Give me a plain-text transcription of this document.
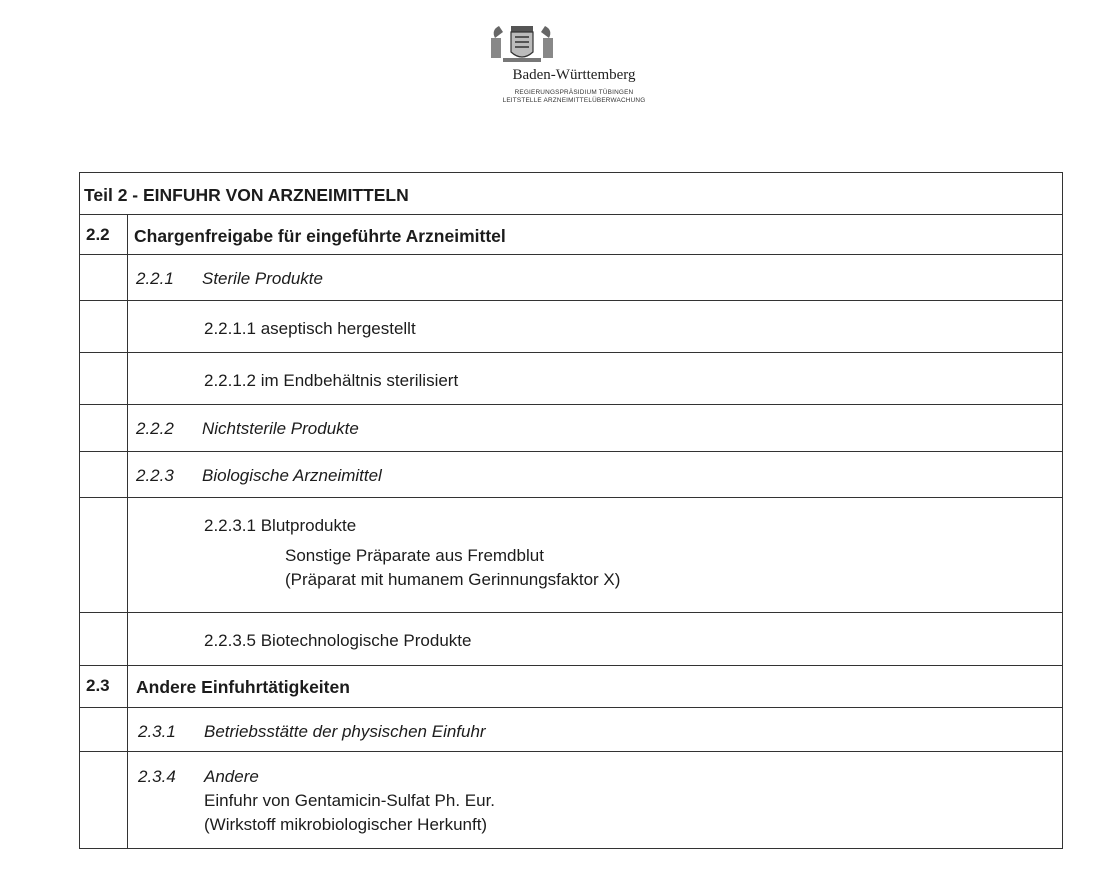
Baden-Württemberg
REGIERUNGSPRÄSIDIUM TÜBINGEN
LEITSTELLE ARZNEIMITTELÜBERWACHUNG
Teil 2 - EINFUHR VON ARZNEIMITTELN
2.2	Chargenfreigabe für eingeführte Arzneimittel
2.2.1 Sterile Produkte
2.2.1.1 aseptisch hergestellt
2.2.1.2 im Endbehältnis sterilisiert
2.2.2 Nichtsterile Produkte
2.2.3 Biologische Arzneimittel
2.2.3.1 Blutprodukte
Sonstige Präparate aus Fremdblut
(Präparat mit humanem Gerinnungsfaktor X)
2.2.3.5 Biotechnologische Produkte
2.3	Andere Einfuhrtätigkeiten
2.3.1 Betriebsstätte der physischen Einfuhr
2.3.4 Andere
Einfuhr von Gentamicin-Sulfat Ph. Eur.
(Wirkstoff mikrobiologischer Herkunft)
